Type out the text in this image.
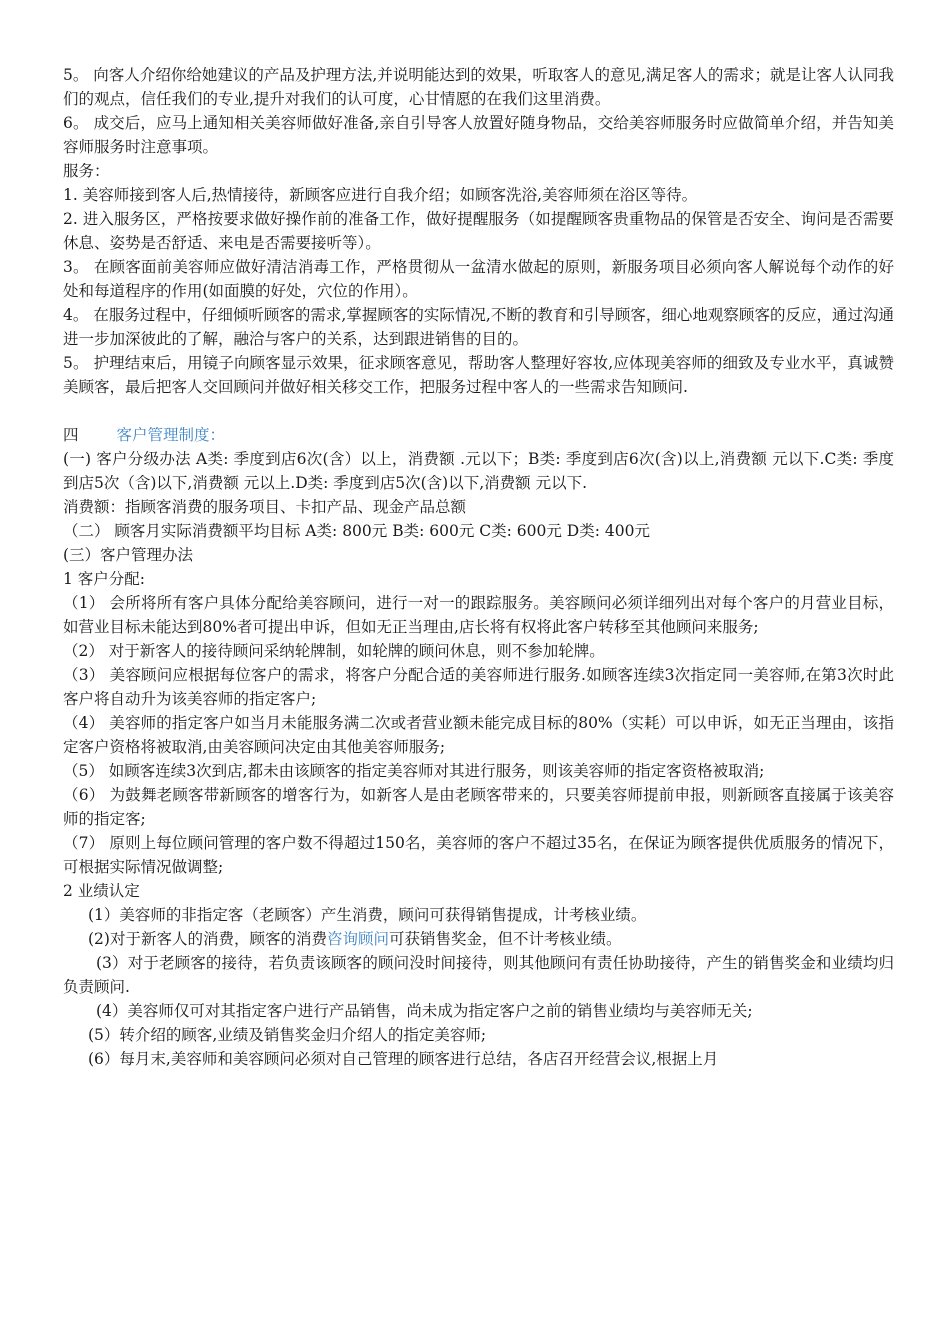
5。 向客人介绍你给她建议的产品及护理方法,并说明能达到的效果，听取客人的意见,满足客人的需求；就是让客人认同我们的观点，信任我们的专业,提升对我们的认可度，心甘情愿的在我们这里消费。

6。 成交后，应马上通知相关美容师做好准备,亲自引导客人放置好随身物品，交给美容师服务时应做简单介绍，并告知美容师服务时注意事项。

服务：

1. 美容师接到客人后,热情接待，新顾客应进行自我介绍；如顾客洗浴,美容师须在浴区等待。

2. 进入服务区，严格按要求做好操作前的准备工作，做好提醒服务（如提醒顾客贵重物品的保管是否安全、询问是否需要休息、姿势是否舒适、来电是否需要接听等）。

3。 在顾客面前美容师应做好清洁消毒工作，严格贯彻从一盆清水做起的原则，新服务项目必须向客人解说每个动作的好处和每道程序的作用(如面膜的好处，穴位的作用）。

4。 在服务过程中，仔细倾听顾客的需求,掌握顾客的实际情况,不断的教育和引导顾客，细心地观察顾客的反应，通过沟通进一步加深彼此的了解，融洽与客户的关系，达到跟进销售的目的。

5。 护理结束后，用镜子向顾客显示效果，征求顾客意见，帮助客人整理好容妆,应体现美容师的细致及专业水平，真诚赞美顾客，最后把客人交回顾问并做好相关移交工作，把服务过程中客人的一些需求告知顾问.

四 客户管理制度：

(一) 客户分级办法 A类: 季度到店6次(含）以上，消费额 .元以下；B类: 季度到店6次(含)以上,消费额 元以下.C类: 季度到店5次（含)以下,消费额 元以上.D类: 季度到店5次(含)以下,消费额 元以下.

消费额：指顾客消费的服务项目、卡扣产品、现金产品总额

（二） 顾客月实际消费额平均目标 A类: 800元 B类: 600元 C类: 600元 D类: 400元

(三）客户管理办法

1 客户分配:

（1） 会所将所有客户具体分配给美容顾问，进行一对一的跟踪服务。美容顾问必须详细列出对每个客户的月营业目标，如营业目标未能达到80%者可提出申诉，但如无正当理由,店长将有权将此客户转移至其他顾问来服务;

（2） 对于新客人的接待顾问采纳轮牌制，如轮牌的顾问休息，则不参加轮牌。

（3） 美容顾问应根据每位客户的需求，将客户分配合适的美容师进行服务.如顾客连续3次指定同一美容师,在第3次时此客户将自动升为该美容师的指定客户;

（4） 美容师的指定客户如当月未能服务满二次或者营业额未能完成目标的80%（实耗）可以申诉，如无正当理由，该指定客户资格将被取消,由美容顾问决定由其他美容师服务;

（5） 如顾客连续3次到店,都未由该顾客的指定美容师对其进行服务，则该美容师的指定客资格被取消;

（6） 为鼓舞老顾客带新顾客的增客行为，如新客人是由老顾客带来的，只要美容师提前申报，则新顾客直接属于该美容师的指定客;

（7） 原则上每位顾问管理的客户数不得超过150名，美容师的客户不超过35名，在保证为顾客提供优质服务的情况下，可根据实际情况做调整;

2 业绩认定

(1）美容师的非指定客（老顾客）产生消费，顾问可获得销售提成，计考核业绩。

(2)对于新客人的消费，顾客的消费咨询顾问可获销售奖金，但不计考核业绩。

(3）对于老顾客的接待，若负责该顾客的顾问没时间接待，则其他顾问有责任协助接待，产生的销售奖金和业绩均归负责顾问.

(4）美容师仅可对其指定客户进行产品销售，尚未成为指定客户之前的销售业绩均与美容师无关;

(5）转介绍的顾客,业绩及销售奖金归介绍人的指定美容师;

(6）每月末,美容师和美容顾问必须对自己管理的顾客进行总结，各店召开经营会议,根据上月
